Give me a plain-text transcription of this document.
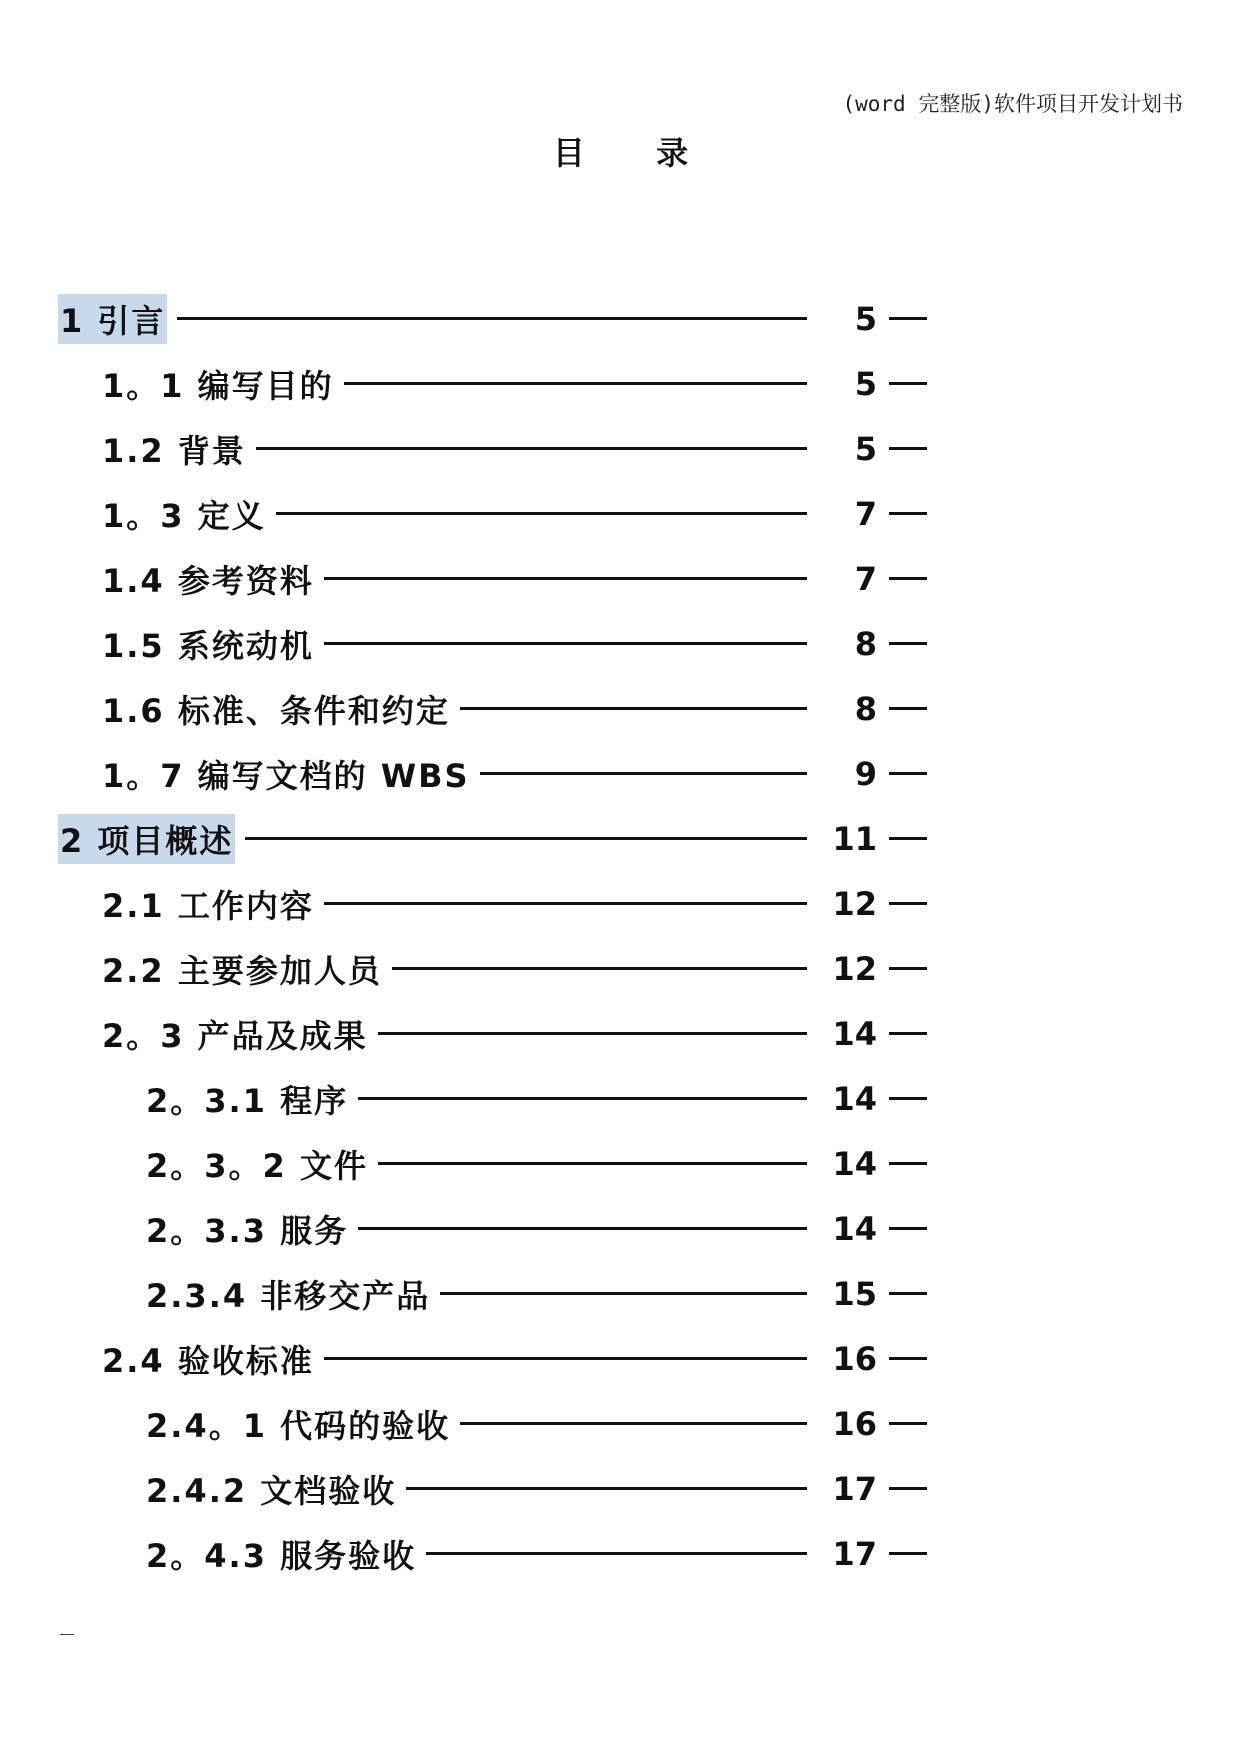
(word 完整版)软件项目开发计划书
目 录
1 引言	5
1。1 编写目的	5
1.2 背景	5
1。3 定义	7
1.4 参考资料	7
1.5 系统动机	8
1.6 标准、条件和约定	8
1。7 编写文档的 WBS	9
2 项目概述	11
2.1 工作内容	12
2.2 主要参加人员	12
2。3 产品及成果	14
2。3.1 程序	14
2。3。2 文件	14
2。3.3 服务	14
2.3.4 非移交产品	15
2.4 验收标准	16
2.4。1 代码的验收	16
2.4.2 文档验收	17
2。4.3 服务验收	17
